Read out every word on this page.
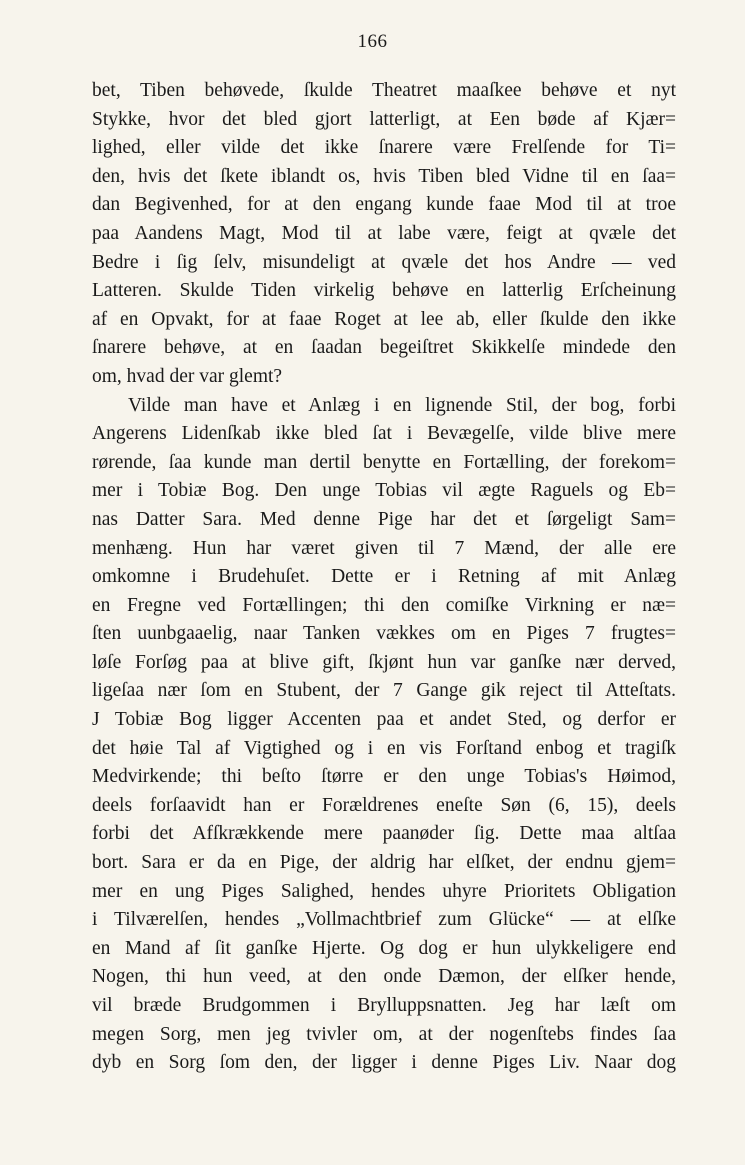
166
bet, Tiben behøvede, ſkulde Theatret maaſkee behøve et nyt
Stykke, hvor det bled gjort latterligt, at Een bøde af Kjær=
lighed, eller vilde det ikke ſnarere være Frelſende for Ti=
den, hvis det ſkete iblandt os, hvis Tiben bled Vidne til en ſaa=
dan Begivenhed, for at den engang kunde faae Mod til at troe
paa Aandens Magt, Mod til at labe være, feigt at qvæle det
Bedre i ſig ſelv, misundeligt at qvæle det hos Andre — ved
Latteren. Skulde Tiden virkelig behøve en latterlig Erſcheinung
af en Opvakt, for at faae Roget at lee ab, eller ſkulde den ikke
ſnarere behøve, at en ſaadan begeiſtret Skikkelſe mindede den
om, hvad der var glemt?
Vilde man have et Anlæg i en lignende Stil, der bog, forbi
Angerens Lidenſkab ikke bled ſat i Bevægelſe, vilde blive mere
rørende, ſaa kunde man dertil benytte en Fortælling, der forekom=
mer i Tobiæ Bog. Den unge Tobias vil ægte Raguels og Eb=
nas Datter Sara. Med denne Pige har det et ſørgeligt Sam=
menhæng. Hun har været given til 7 Mænd, der alle ere
omkomne i Brudehuſet. Dette er i Retning af mit Anlæg
en Fregne ved Fortællingen; thi den comiſke Virkning er næ=
ſten uunbgaaelig, naar Tanken vækkes om en Piges 7 frugtes=
løſe Forſøg paa at blive gift, ſkjønt hun var ganſke nær derved,
ligeſaa nær ſom en Stubent, der 7 Gange gik reject til Atteſtats.
J Tobiæ Bog ligger Accenten paa et andet Sted, og derfor er
det høie Tal af Vigtighed og i en vis Forſtand enbog et tragiſk
Medvirkende; thi beſto ſtørre er den unge Tobias's Høimod,
deels forſaavidt han er Forældrenes eneſte Søn (6, 15), deels
forbi det Afſkrækkende mere paanøder ſig. Dette maa altſaa
bort. Sara er da en Pige, der aldrig har elſket, der endnu gjem=
mer en ung Piges Salighed, hendes uhyre Prioritets Obligation
i Tilværelſen, hendes „Vollmachtbrief zum Glücke“ — at elſke
en Mand af ſit ganſke Hjerte. Og dog er hun ulykkeligere end
Nogen, thi hun veed, at den onde Dæmon, der elſker hende,
vil bræde Brudgommen i Brylluppsnatten. Jeg har læſt om
megen Sorg, men jeg tvivler om, at der nogenſtebs findes ſaa
dyb en Sorg ſom den, der ligger i denne Piges Liv. Naar dog
